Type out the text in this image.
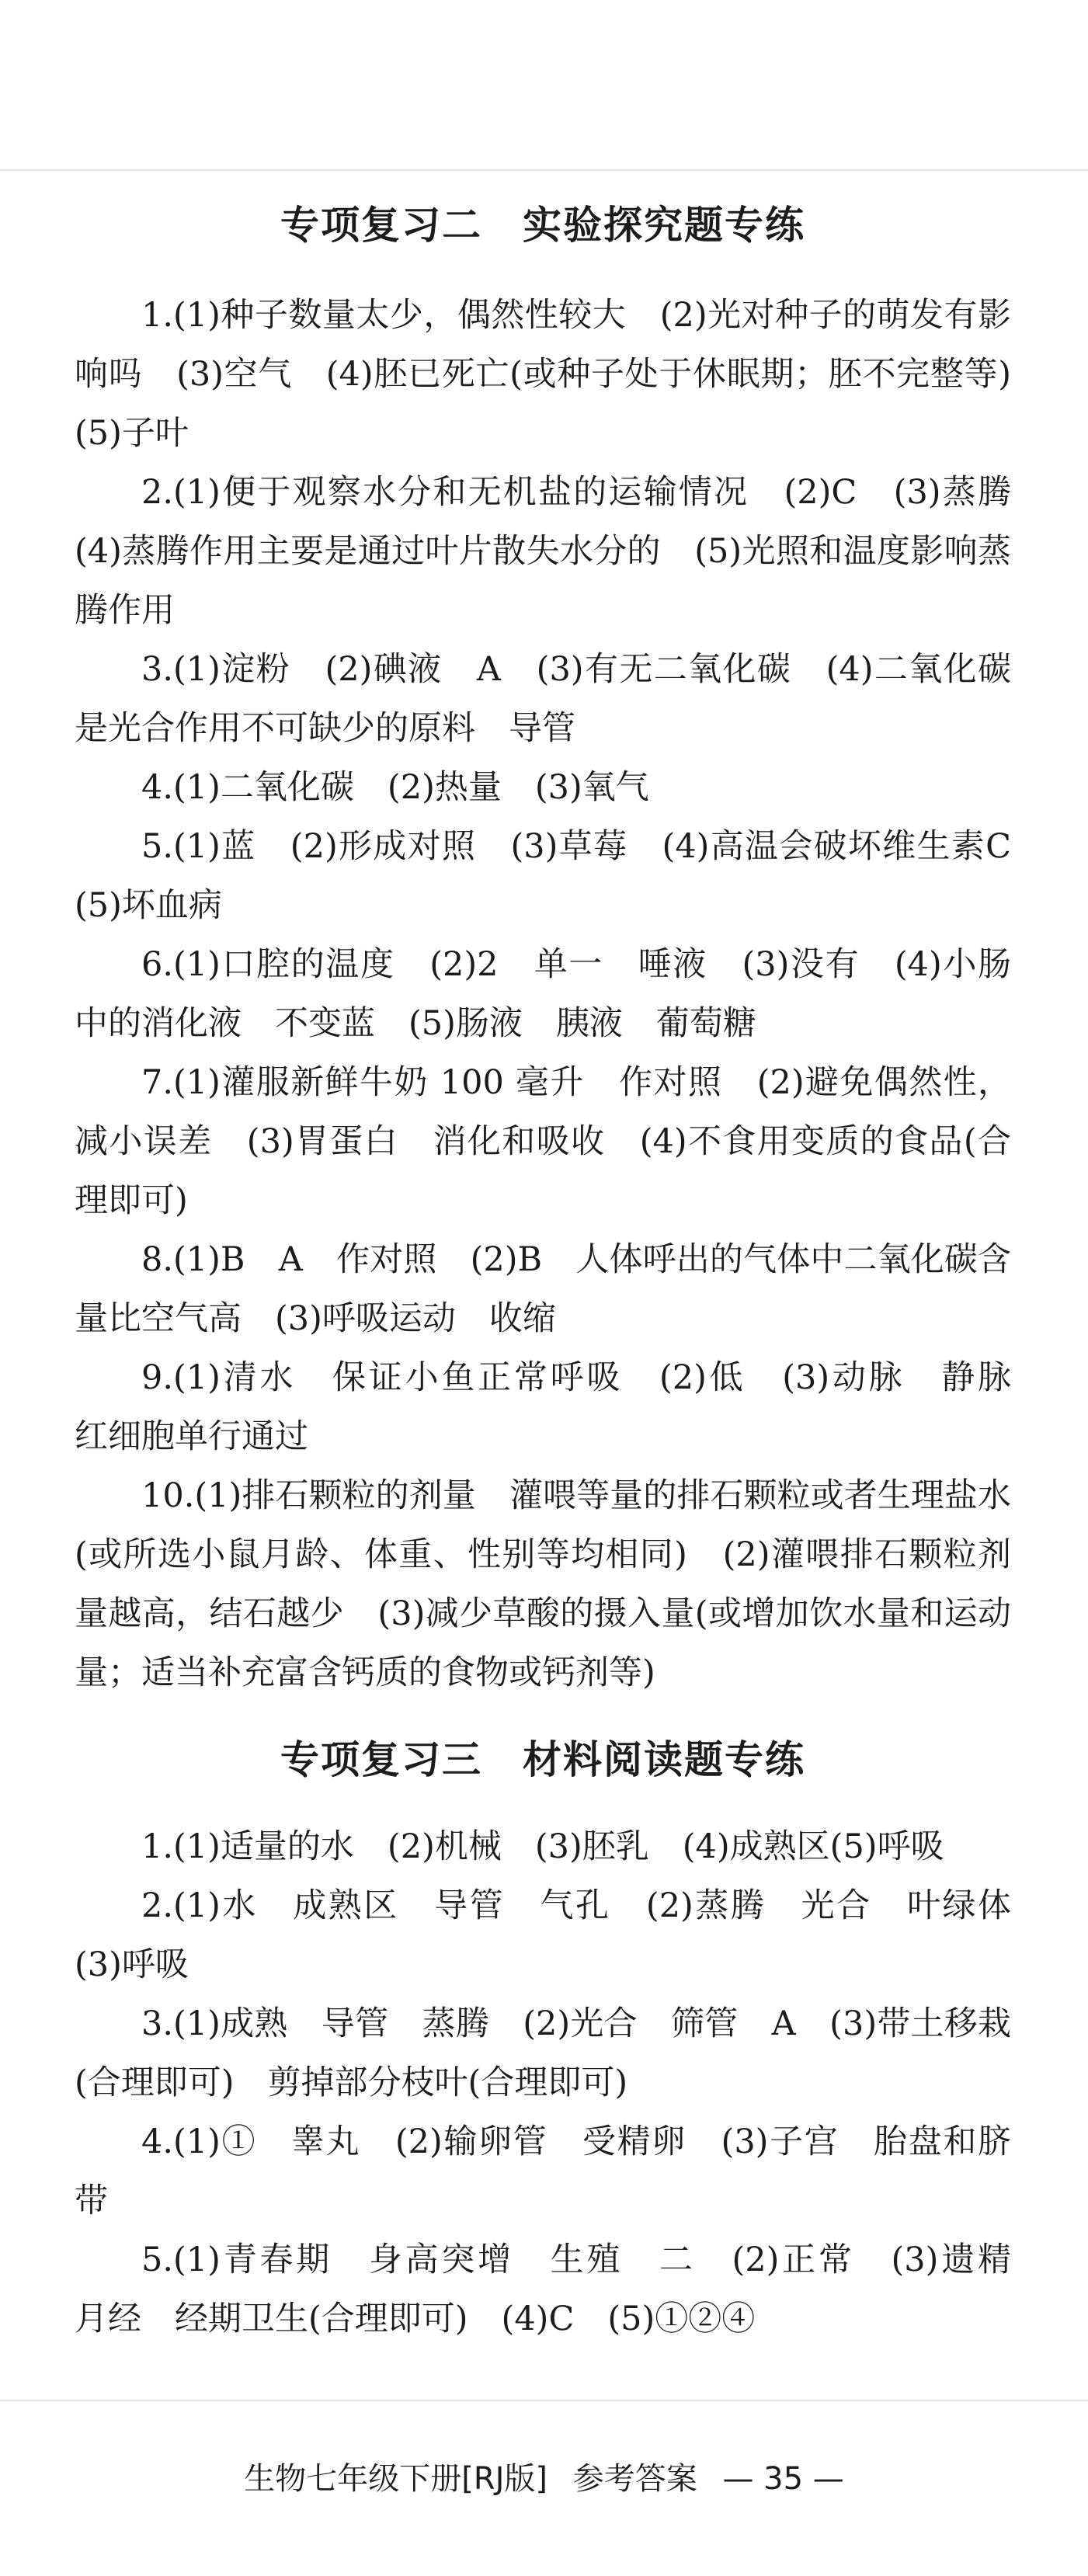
专项复习二　实验探究题专练

1.(1)种子数量太少，偶然性较大　(2)光对种子的萌发有影响吗　(3)空气　(4)胚已死亡(或种子处于休眠期；胚不完整等)　(5)子叶

2.(1)便于观察水分和无机盐的运输情况　(2)C　(3)蒸腾(4)蒸腾作用主要是通过叶片散失水分的　(5)光照和温度影响蒸腾作用

3.(1)淀粉　(2)碘液　A　(3)有无二氧化碳　(4)二氧化碳是光合作用不可缺少的原料　导管

4.(1)二氧化碳　(2)热量　(3)氧气

5.(1)蓝　(2)形成对照　(3)草莓　(4)高温会破坏维生素C　(5)坏血病

6.(1)口腔的温度　(2)2　单一　唾液　(3)没有　(4)小肠中的消化液　不变蓝　(5)肠液　胰液　葡萄糖

7.(1)灌服新鲜牛奶 100 毫升　作对照　(2)避免偶然性，减小误差　(3)胃蛋白　消化和吸收　(4)不食用变质的食品(合理即可)

8.(1)B　A　作对照　(2)B　人体呼出的气体中二氧化碳含量比空气高　(3)呼吸运动　收缩

9.(1)清水　保证小鱼正常呼吸　(2)低　(3)动脉　静脉　红细胞单行通过

10.(1)排石颗粒的剂量　灌喂等量的排石颗粒或者生理盐水(或所选小鼠月龄、体重、性别等均相同)　(2)灌喂排石颗粒剂量越高，结石越少　(3)减少草酸的摄入量(或增加饮水量和运动量；适当补充富含钙质的食物或钙剂等)

专项复习三　材料阅读题专练

1.(1)适量的水　(2)机械　(3)胚乳　(4)成熟区(5)呼吸

2.(1)水　成熟区　导管　气孔　(2)蒸腾　光合　叶绿体(3)呼吸

3.(1)成熟　导管　蒸腾　(2)光合　筛管　A　(3)带土移栽(合理即可)　剪掉部分枝叶(合理即可)

4.(1)①　睾丸　(2)输卵管　受精卵　(3)子宫　胎盘和脐带

5.(1)青春期　身高突增　生殖　二　(2)正常　(3)遗精　月经　经期卫生(合理即可)　(4)C　(5)①②④

生物七年级下册[RJ版] 参考答案 — 35 —
